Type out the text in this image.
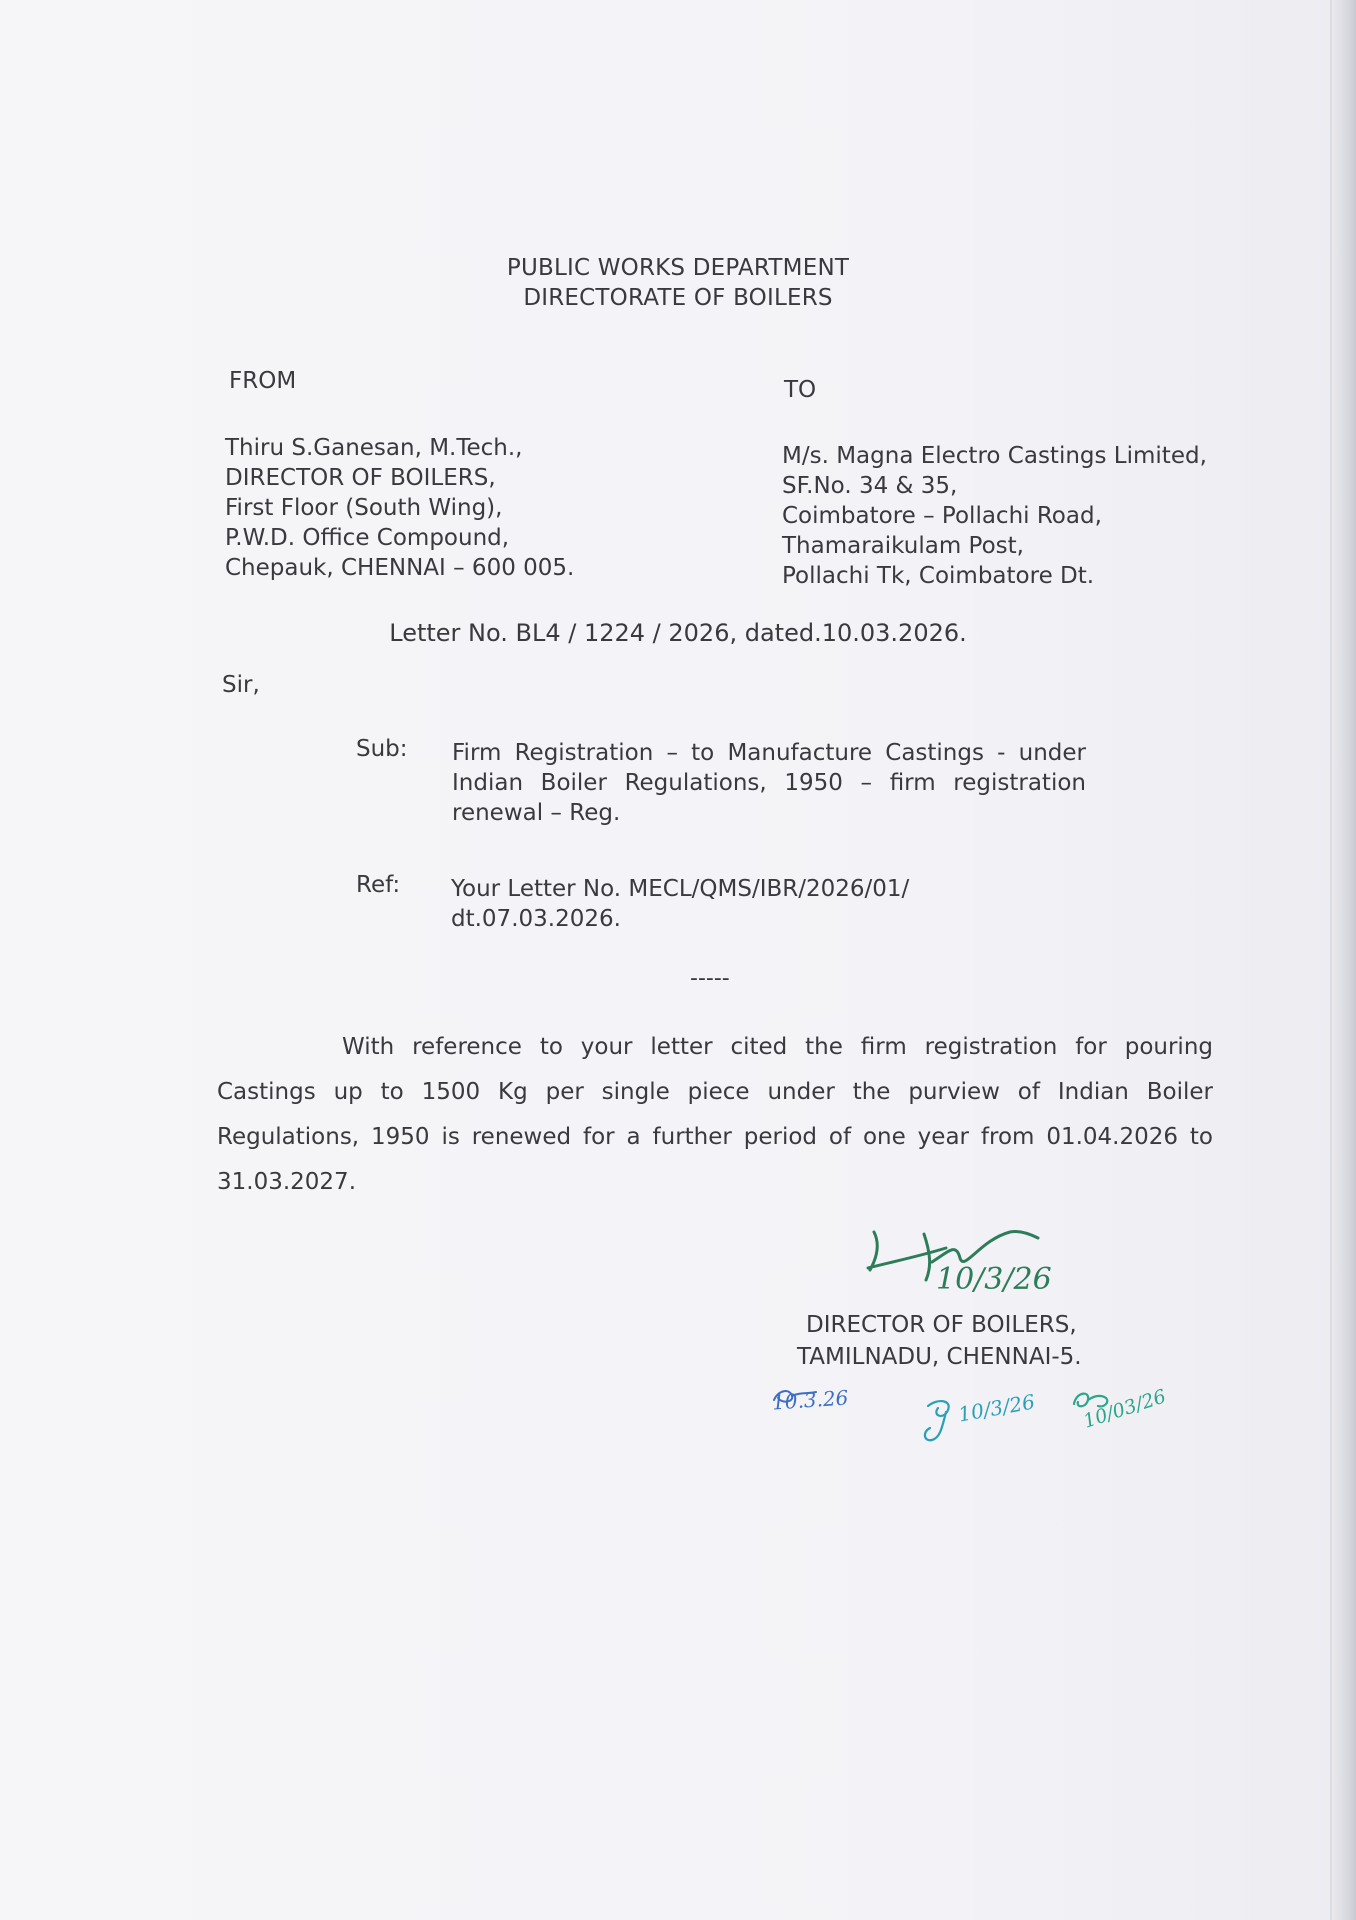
PUBLIC WORKS DEPARTMENT
DIRECTORATE OF BOILERS
FROM
Thiru S.Ganesan, M.Tech.,
DIRECTOR OF BOILERS,
First Floor (South Wing),
P.W.D. Office Compound,
Chepauk, CHENNAI – 600 005.
TO
M/s. Magna Electro Castings Limited,
SF.No. 34 & 35,
Coimbatore – Pollachi Road,
Thamaraikulam Post,
Pollachi Tk, Coimbatore Dt.
Letter No. BL4 / 1224 / 2026, dated.10.03.2026.
Sir,
Sub: Firm Registration – to Manufacture Castings - under Indian Boiler Regulations, 1950 – firm registration renewal – Reg.
Ref: Your Letter No. MECL/QMS/IBR/2026/01/
dt.07.03.2026.
-----
With reference to your letter cited the firm registration for pouring Castings up to 1500 Kg per single piece under the purview of Indian Boiler Regulations, 1950 is renewed for a further period of one year from 01.04.2026 to 31.03.2027.
10/3/26
DIRECTOR OF BOILERS,
TAMILNADU, CHENNAI-5.
10.3.26	10/3/26 10/03/26
